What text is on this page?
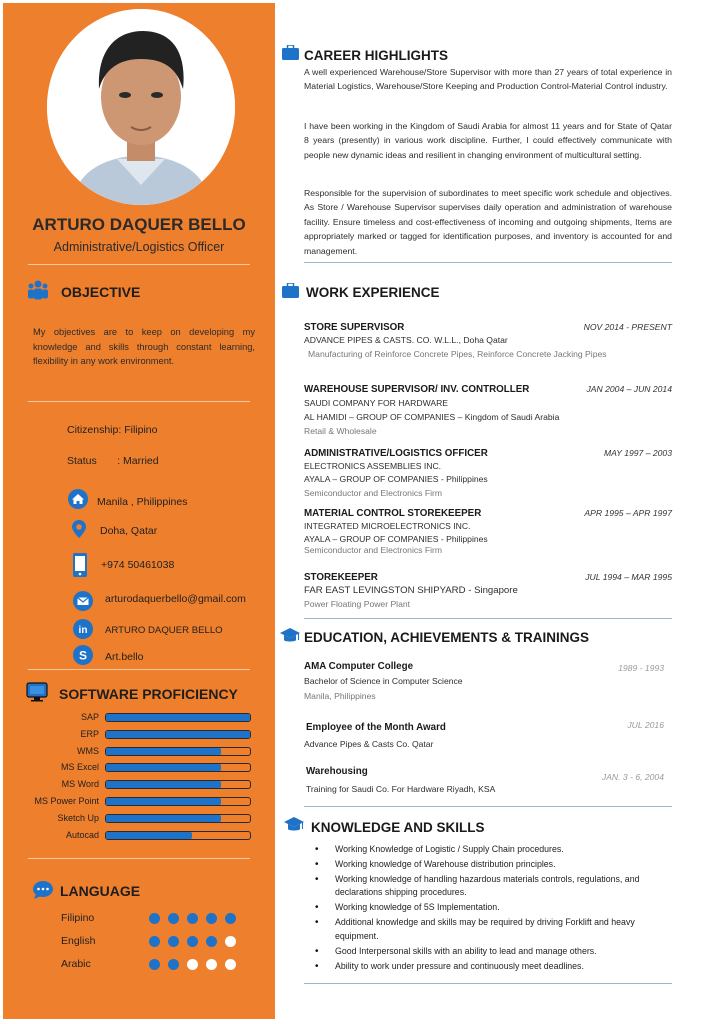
ARTURO DAQUER BELLO
Administrative/Logistics Officer
OBJECTIVE
My objectives are to keep on developing my knowledge and skills through constant learning, flexibility in any work environment.
Citizenship: Filipino
Status       : Married
Manila , Philippines
Doha, Qatar
+974 50461038
arturodaquerbello@gmail.com
in ARTURO DAQUER BELLO
S Art.bello
SOFTWARE PROFICIENCY
SAP
ERP
WMS
MS Excel
MS Word
MS Power Point
Sketch Up
Autocad
LANGUAGE
Filipino
English
Arabic
CAREER HIGHLIGHTS
A well experienced Warehouse/Store Supervisor with more than 27 years of total experience in Material Logistics, Warehouse/Store Keeping and Production Control-Material Control industry.
I have been working in the Kingdom of Saudi Arabia for almost 11 years and for State of Qatar 8 years (presently) in various work discipline. Further, I could effectively communicate with people new dynamic ideas and resilient in changing environment of multicultural setting.
Responsible for the supervision of subordinates to meet specific work schedule and objectives. As Store / Warehouse Supervisor supervises daily operation and administration of warehouse facility. Ensure timeless and cost-effectiveness of incoming and outgoing shipments, Items are appropriately marked or tagged for identification purposes, and inventory is accounted for and management.
WORK EXPERIENCE
STORE SUPERVISOR	NOV 2014 - PRESENT
ADVANCE PIPES & CASTS. CO. W.L.L., Doha Qatar
Manufacturing of Reinforce Concrete Pipes, Reinforce Concrete Jacking Pipes
WAREHOUSE SUPERVISOR/ INV. CONTROLLER	JAN 2004 – JUN 2014
SAUDI COMPANY FOR HARDWARE
AL HAMIDI – GROUP OF COMPANIES – Kingdom of Saudi Arabia
Retail & Wholesale
ADMINISTRATIVE/LOGISTICS OFFICER	MAY 1997 – 2003
ELECTRONICS ASSEMBLIES INC.
AYALA – GROUP OF COMPANIES - Philippines
Semiconductor and Electronics Firm
MATERIAL CONTROL STOREKEEPER	APR 1995 – APR 1997
INTEGRATED MICROELECTRONICS INC.
AYALA – GROUP OF COMPANIES - Philippines
Semiconductor and Electronics Firm
STOREKEEPER	JUL 1994 – MAR 1995
FAR EAST LEVINGSTON SHIPYARD - Singapore
Power Floating Power Plant
EDUCATION, ACHIEVEMENTS & TRAININGS
AMA Computer College	1989 - 1993
Bachelor of Science in Computer Science
Manila, Philippines
Employee of the Month Award	JUL 2016
Advance Pipes & Casts Co. Qatar
Warehousing	JAN. 3 - 6, 2004
Training for Saudi Co. For Hardware Riyadh, KSA
KNOWLEDGE AND SKILLS
• Working Knowledge of Logistic / Supply Chain procedures.
• Working knowledge of Warehouse distribution principles.
• Working knowledge of handling hazardous materials controls, regulations, and declarations shipping procedures.
• Working knowledge of 5S Implementation.
• Additional knowledge and skills may be required by driving Forklift and heavy equipment.
• Good Interpersonal skills with an ability to lead and manage others.
• Ability to work under pressure and continuously meet deadlines.
